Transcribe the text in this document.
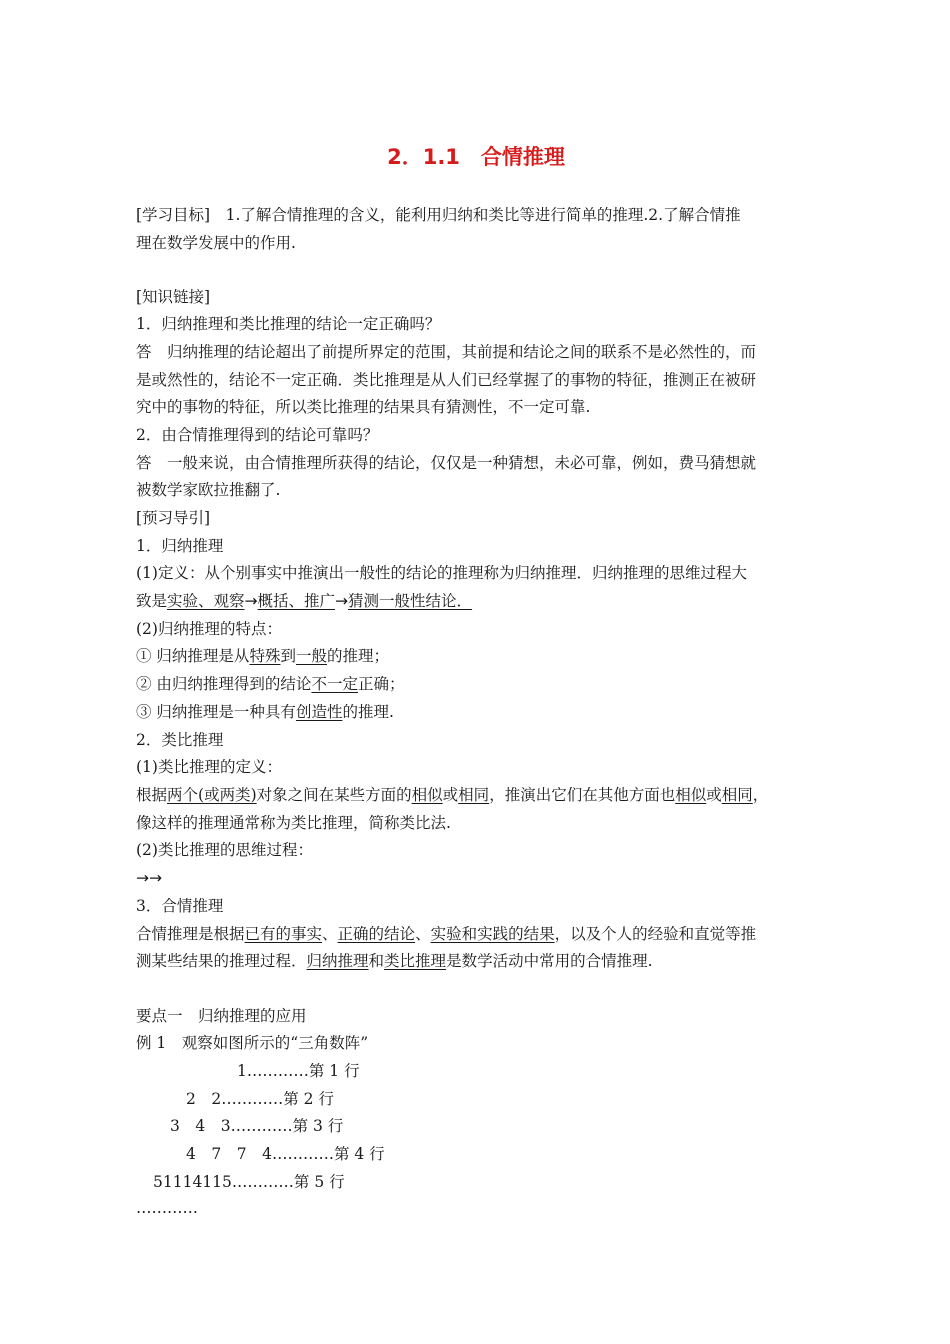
2．1.1　合情推理
[学习目标]　1.了解合情推理的含义，能利用归纳和类比等进行简单的推理.2.了解合情推
理在数学发展中的作用.
[知识链接]
1．归纳推理和类比推理的结论一定正确吗？
答　归纳推理的结论超出了前提所界定的范围，其前提和结论之间的联系不是必然性的，而
是或然性的，结论不一定正确．类比推理是从人们已经掌握了的事物的特征，推测正在被研
究中的事物的特征，所以类比推理的结果具有猜测性，不一定可靠.
2．由合情推理得到的结论可靠吗？
答　一般来说，由合情推理所获得的结论，仅仅是一种猜想，未必可靠，例如，费马猜想就
被数学家欧拉推翻了.
[预习导引]
1．归纳推理
(1)定义：从个别事实中推演出一般性的结论的推理称为归纳推理．归纳推理的思维过程大
致是实验、观察→概括、推广→猜测一般性结论．
(2)归纳推理的特点：
① 归纳推理是从特殊到一般的推理；
② 由归纳推理得到的结论不一定正确；
③ 归纳推理是一种具有创造性的推理.
2．类比推理
(1)类比推理的定义：
根据两个(或两类)对象之间在某些方面的相似或相同，推演出它们在其他方面也相似或相同，
像这样的推理通常称为类比推理，简称类比法.
(2)类比推理的思维过程：
→→
3．合情推理
合情推理是根据已有的事实、正确的结论、实验和实践的结果，以及个人的经验和直觉等推
测某些结果的推理过程．归纳推理和类比推理是数学活动中常用的合情推理.
要点一　归纳推理的应用
例 1　观察如图所示的“三角数阵”
1…………第 1 行
2　2…………第 2 行
3　4　3…………第 3 行
4　7　7　4…………第 4 行
51114115…………第 5 行
…………
